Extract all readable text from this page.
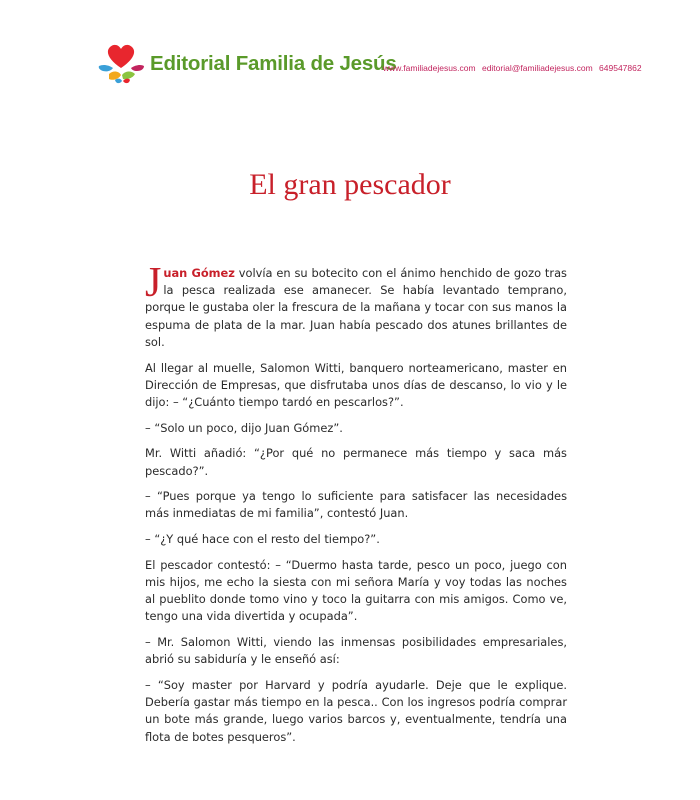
Editorial Familia de Jesús
www.familiadejesus.com editorial@familiadejesus.com 649547862
El gran pescador

Juan Gómez volvía en su botecito con el ánimo henchido de gozo tras la pesca realizada ese amanecer. Se había levantado temprano, porque le gustaba oler la frescura de la mañana y tocar con sus manos la espuma de plata de la mar. Juan había pescado dos atunes brillantes de sol.

Al llegar al muelle, Salomon Witti, banquero norteamericano, master en Dirección de Empresas, que disfrutaba unos días de descanso, lo vio y le dijo: – “¿Cuánto tiempo tardó en pescarlos?”.

– “Solo un poco, dijo Juan Gómez”.

Mr. Witti añadió: “¿Por qué no permanece más tiempo y saca más pescado?”.

– “Pues porque ya tengo lo suficiente para satisfacer las necesidades más inmediatas de mi familia”, contestó Juan.

– “¿Y qué hace con el resto del tiempo?”.

El pescador contestó: – “Duermo hasta tarde, pesco un poco, juego con mis hijos, me echo la siesta con mi señora María y voy todas las noches al pueblito donde tomo vino y toco la guitarra con mis amigos. Como ve, tengo una vida divertida y ocupada”.

– Mr. Salomon Witti, viendo las inmensas posibilidades empresariales, abrió su sabiduría y le enseñó así:

– “Soy master por Harvard y podría ayudarle. Deje que le explique. Debería gastar más tiempo en la pesca.. Con los ingresos podría comprar un bote más grande, luego varios barcos y, eventualmente, tendría una flota de botes pesqueros”.
